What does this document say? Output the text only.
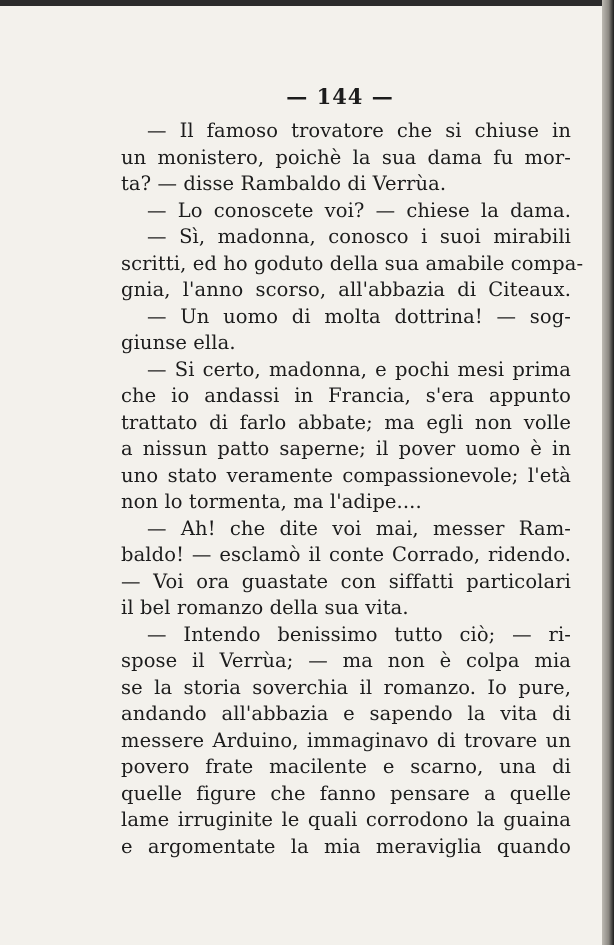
— 144 —
— Il famoso trovatore che si chiuse in
un monistero, poichè la sua dama fu mor-
ta? — disse Rambaldo di Verrùa.
— Lo conoscete voi? — chiese la dama.
— Sì, madonna, conosco i suoi mirabili
scritti, ed ho goduto della sua amabile compa-
gnia, l'anno scorso, all'abbazia di Citeaux.
— Un uomo di molta dottrina! — sog-
giunse ella.
— Si certo, madonna, e pochi mesi prima
che io andassi in Francia, s'era appunto
trattato di farlo abbate; ma egli non volle
a nissun patto saperne; il pover uomo è in
uno stato veramente compassionevole; l'età
non lo tormenta, ma l'adipe....
— Ah! che dite voi mai, messer Ram-
baldo! — esclamò il conte Corrado, ridendo.
— Voi ora guastate con siffatti particolari
il bel romanzo della sua vita.
— Intendo benissimo tutto ciò; — ri-
spose il Verrùa; — ma non è colpa mia
se la storia soverchia il romanzo. Io pure,
andando all'abbazia e sapendo la vita di
messere Arduino, immaginavo di trovare un
povero frate macilente e scarno, una di
quelle figure che fanno pensare a quelle
lame irruginite le quali corrodono la guaina
e argomentate la mia meraviglia quando
